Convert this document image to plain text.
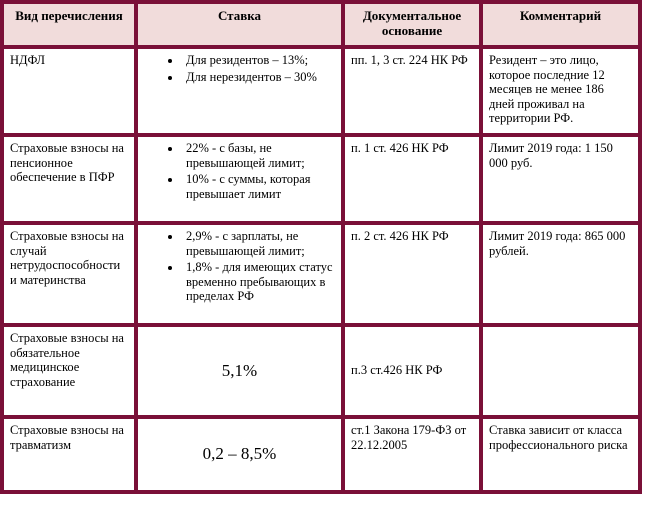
Вид перечисления	Ставка	Документальное основание
Комментарий
НДФЛ
•	Для резидентов – 13%;
• Для нерезидентов – 30%
пп. 1, 3 ст. 224 НК РФ	Резидент – это лицо, которое последние 12 месяцев не менее 186 дней проживал на территории РФ.
Страховые взносы на пенсионное обеспечение в ПФР
• 22% - с базы, не превышающей лимит;
• 10% - с суммы, которая превышает лимит
п. 1 ст. 426 НК РФ	Лимит 2019 года: 1 150 000 руб.
Страховые взносы на случай нетрудоспособности и материнства
• 2,9% - с зарплаты, не превышающей лимит;
• 1,8% - для имеющих статус временно пребывающих в пределах РФ
п. 2 ст. 426 НК РФ	Лимит 2019 года: 865 000 рублей.
Страховые взносы на обязательное медицинское страхование
5,1%	п.3 ст.426 НК РФ
Страховые взносы на травматизм	0,2 – 8,5%
ст.1 Закона 179-ФЗ от 22.12.2005
Ставка зависит от класса профессионального риска
